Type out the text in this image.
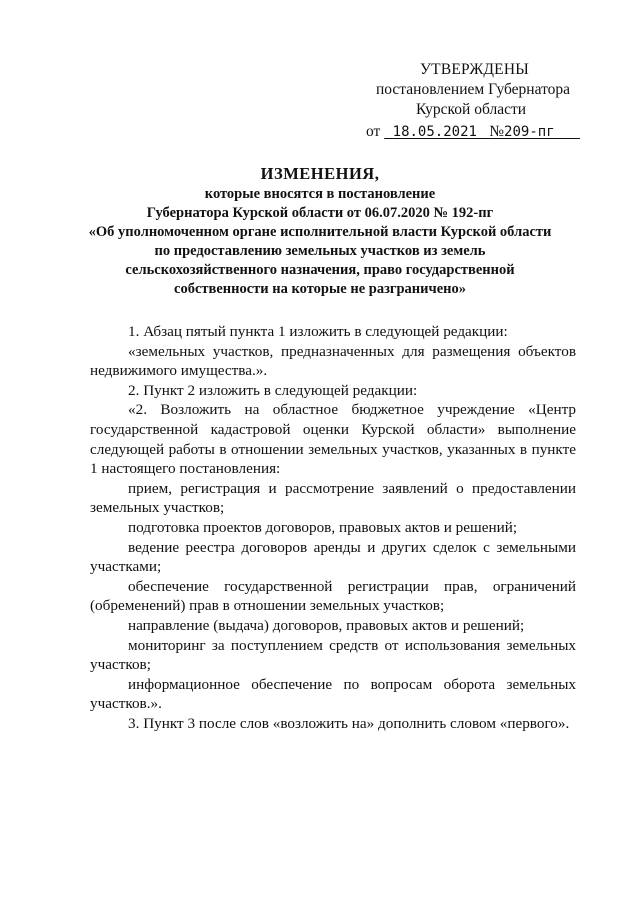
УТВЕРЖДЕНЫ
постановлением Губернатора
Курской области
от 18.05.2021 №209-пг
ИЗМЕНЕНИЯ,
которые вносятся в постановление
Губернатора Курской области от 06.07.2020 № 192-пг
«Об уполномоченном органе исполнительной власти Курской области
по предоставлению земельных участков из земель
сельскохозяйственного назначения, право государственной
собственности на которые не разграничено»

1. Абзац пятый пункта 1 изложить в следующей редакции:

«земельных участков, предназначенных для размещения объектов недвижимого имущества.».

2. Пункт 2 изложить в следующей редакции:

«2. Возложить на областное бюджетное учреждение «Центр государственной кадастровой оценки Курской области» выполнение следующей работы в отношении земельных участков, указанных в пункте 1 настоящего постановления:

прием, регистрация и рассмотрение заявлений о предоставлении земельных участков;

подготовка проектов договоров, правовых актов и решений;

ведение реестра договоров аренды и других сделок с земельными участками;

обеспечение государственной регистрации прав, ограничений (обременений) прав в отношении земельных участков;

направление (выдача) договоров, правовых актов и решений;

мониторинг за поступлением средств от использования земельных участков;

информационное обеспечение по вопросам оборота земельных участков.».

3. Пункт 3 после слов «возложить на» дополнить словом «первого».
